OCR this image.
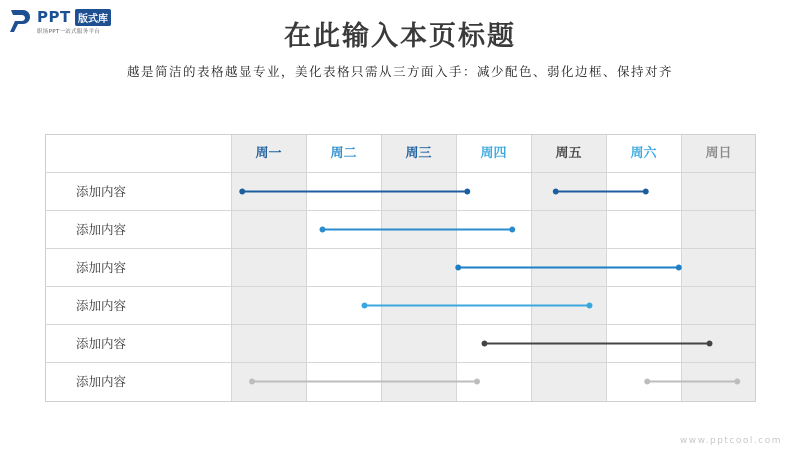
PPT 版式库
职场PPT一站式服务平台	在此输入本页标题
越是简洁的表格越显专业，美化表格只需从三方面入手：减少配色、弱化边框、保持对齐
周一	周二	周三	周四	周五	周六	周日
添加内容
添加内容
添加内容
添加内容
添加内容
添加内容
www.pptcool.com
